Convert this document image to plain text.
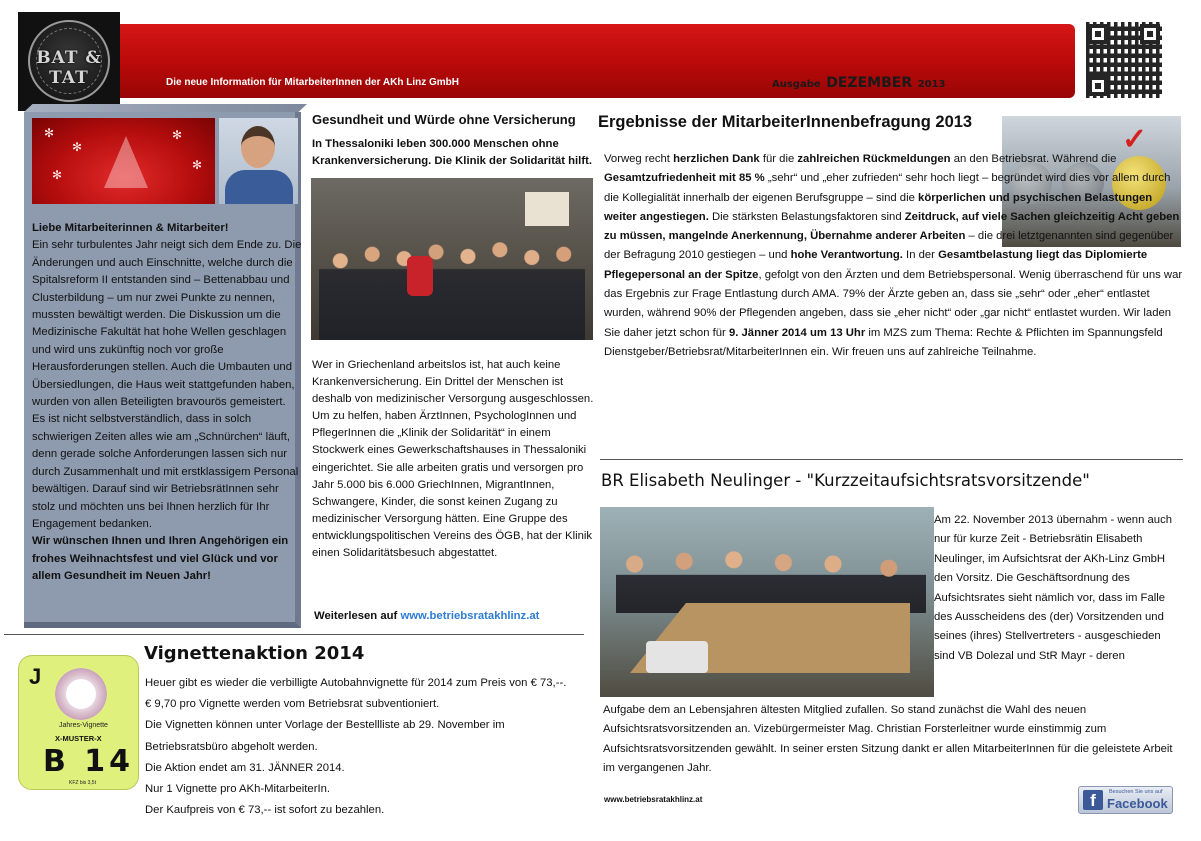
BAT & TAT	Die neue Information für MitarbeiterInnen der AKh Linz GmbH	Ausgabe DEZEMBER 2013
✻
✻
✻
✻
✻

Liebe Mitarbeiterinnen & Mitarbeiter!

Ein sehr turbulentes Jahr neigt sich dem Ende zu. Die Änderungen und auch Einschnitte, welche durch die Spitalsreform II entstanden sind – Bettenabbau und Clusterbildung – um nur zwei Punkte zu nennen, mussten bewältigt werden. Die Diskussion um die Medizinische Fakultät hat hohe Wellen geschlagen und wird uns zukünftig noch vor große Herausforderungen stellen. Auch die Umbauten und Übersiedlungen, die Haus weit stattgefunden haben, wurden von allen Beteiligten bravourös gemeistert. Es ist nicht selbstverständlich, dass in solch schwierigen Zeiten alles wie am „Schnürchen“ läuft, denn gerade solche Anforderungen lassen sich nur durch Zusammenhalt und mit erstklassigem Personal bewältigen. Darauf sind wir BetriebsrätInnen sehr stolz und möchten uns bei Ihnen herzlich für Ihr Engagement bedanken.

Wir wünschen Ihnen und Ihren Angehörigen ein frohes Weihnachtsfest und viel Glück und vor allem Gesundheit im Neuen Jahr!

Gesundheit und Würde ohne Versicherung
In Thessaloniki leben 300.000 Menschen ohne Krankenversicherung. Die Klinik der Solidarität hilft.
Wer in Griechenland arbeitslos ist, hat auch keine Krankenversicherung. Ein Drittel der Menschen ist deshalb von medizinischer Versorgung ausgeschlossen. Um zu helfen, haben ÄrztInnen, PsychologInnen und PflegerInnen die „Klinik der Solidarität“ in einem Stockwerk eines Gewerkschaftshauses in Thessaloniki eingerichtet. Sie alle arbeiten gratis und versorgen pro Jahr 5.000 bis 6.000 GriechInnen, MigrantInnen, Schwangere, Kinder, die sonst keinen Zugang zu medizinischer Versorgung hätten. Eine Gruppe des entwicklungspolitischen Vereins des ÖGB, hat der Klinik einen Solidaritätsbesuch abgestattet.
Weiterlesen auf www.betriebsratakhlinz.at
Ergebnisse der MitarbeiterInnenbefragung 2013
✓
Vorweg recht herzlichen Dank für die zahlreichen Rückmeldungen an den Betriebsrat. Während die Gesamtzufriedenheit mit 85 % „sehr“ und „eher zufrieden“ sehr hoch liegt – begründet wird dies vor allem durch die Kollegialität innerhalb der eigenen Berufsgruppe – sind die körperlichen und psychischen Belastungen weiter angestiegen. Die stärksten Belastungsfaktoren sind Zeitdruck, auf viele Sachen gleichzeitig Acht geben zu müssen, mangelnde Anerkennung, Übernahme anderer Arbeiten – die drei letztgenannten sind gegenüber der Befragung 2010 gestiegen – und hohe Verantwortung. In der Gesamtbelastung liegt das Diplomierte Pflegepersonal an der Spitze, gefolgt von den Ärzten und dem Betriebspersonal. Wenig überraschend für uns war das Ergebnis zur Frage Entlastung durch AMA. 79% der Ärzte geben an, dass sie „sehr“ oder „eher“ entlastet wurden, während 90% der Pflegenden angeben, dass sie „eher nicht“ oder „gar nicht“ entlastet wurden. Wir laden Sie daher jetzt schon für 9. Jänner 2014 um 13 Uhr im MZS zum Thema: Rechte & Pflichten im Spannungsfeld Dienstgeber/Betriebsrat/MitarbeiterInnen ein. Wir freuen uns auf zahlreiche Teilnahme.
BR Elisabeth Neulinger - "Kurzzeitaufsichtsratsvorsitzende"
Am 22. November 2013 übernahm - wenn auch nur für kurze Zeit - Betriebsrätin Elisabeth Neulinger, im Aufsichtsrat der AKh-Linz GmbH den Vorsitz. Die Geschäftsordnung des Aufsichtsrates sieht nämlich vor, dass im Falle des Ausscheidens des (der) Vorsitzenden und seines (ihres) Stellvertreters - ausgeschieden sind VB Dolezal und StR Mayr - deren
Aufgabe dem an Lebensjahren ältesten Mitglied zufallen. So stand zunächst die Wahl des neuen Aufsichtsratsvorsitzenden an. Vizebürgermeister Mag. Christian Forsterleitner wurde einstimmig zum Aufsichtsratsvorsitzenden gewählt. In seiner ersten Sitzung dankt er allen MitarbeiterInnen für die geleistete Arbeit im vergangenen Jahr.
www.betriebsratakhlinz.at	f	Besuchen Sie uns auf
Facebook
J
Jahres-Vignette
X-MUSTER-X
B 14
KFZ bis 3,5t
Vignettenaktion 2014
Heuer gibt es wieder die verbilligte Autobahnvignette für 2014 zum Preis von € 73,--.
€ 9,70 pro Vignette werden vom Betriebsrat subventioniert.
Die Vignetten können unter Vorlage der Bestellliste ab 29. November im Betriebsratsbüro abgeholt werden.
Die Aktion endet am 31. JÄNNER 2014.
Nur 1 Vignette pro AKh-MitarbeiterIn.
Der Kaufpreis von € 73,-- ist sofort zu bezahlen.
